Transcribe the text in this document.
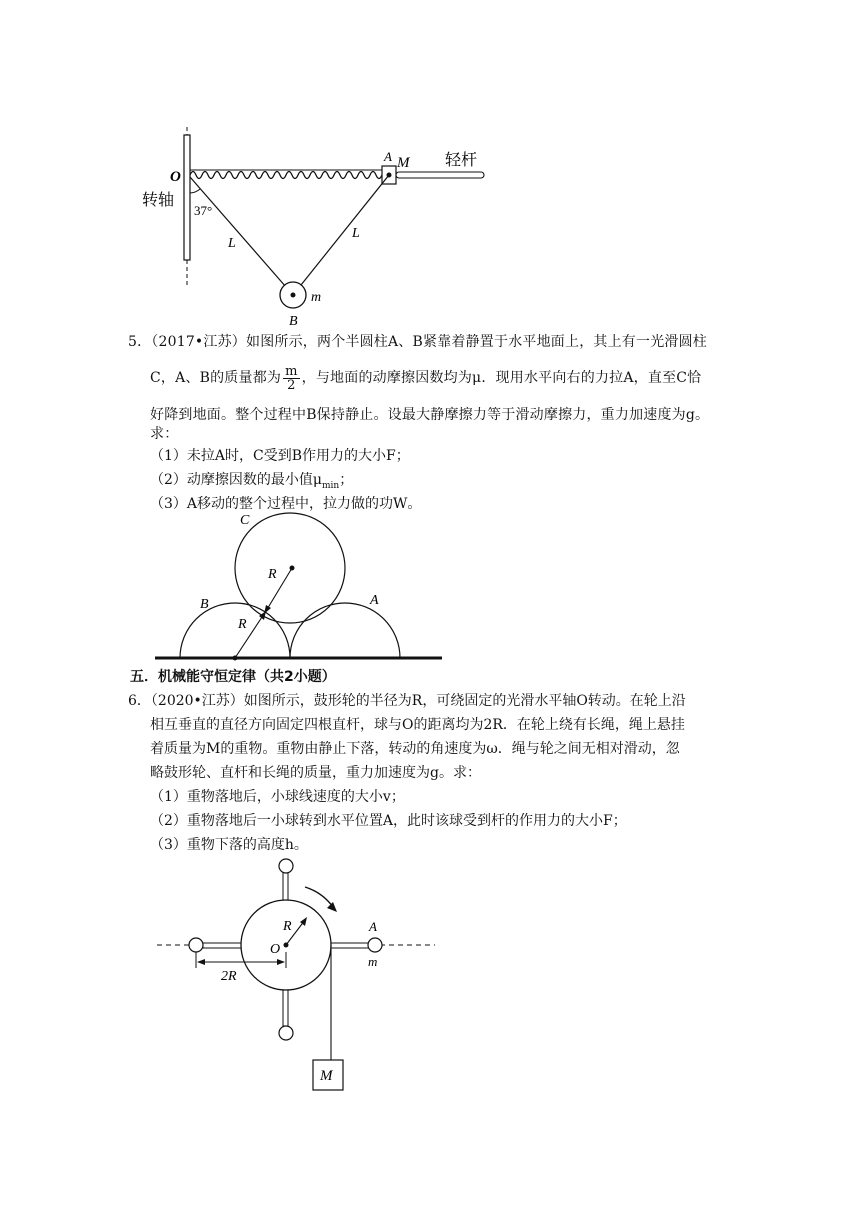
O
转轴
37°
A M 轻杆
L
L
m
B
5．（2017•江苏）如图所示，两个半圆柱A、B紧靠着静置于水平地面上，其上有一光滑圆柱
C，A、B的质量都为 $\frac{m}{2}$ ，与地面的动摩擦因数均为μ．现用水平向右的力拉A，直至C恰
好降到地面。整个过程中B保持静止。设最大静摩擦力等于滑动摩擦力，重力加速度为g。
求：
（1）未拉A时，C受到B作用力的大小F；
（2）动摩擦因数的最小值$\mu_{min}$；
（3）A移动的整个过程中，拉力做的功W。
C
R
B	A
R
五．机械能守恒定律（共2小题）
6．（2020•江苏）如图所示，鼓形轮的半径为R，可绕固定的光滑水平轴O转动。在轮上沿
相互垂直的直径方向固定四根直杆，球与O的距离均为2R．在轮上绕有长绳，绳上悬挂
着质量为M的重物。重物由静止下落，转动的角速度为ω．绳与轮之间无相对滑动，忽
略鼓形轮、直杆和长绳的质量，重力加速度为g。求：
（1）重物落地后，小球线速度的大小v；
（2）重物落地后一小球转到水平位置A，此时该球受到杆的作用力的大小F；
（3）重物下落的高度h。
R
O
A
m
2R
M
